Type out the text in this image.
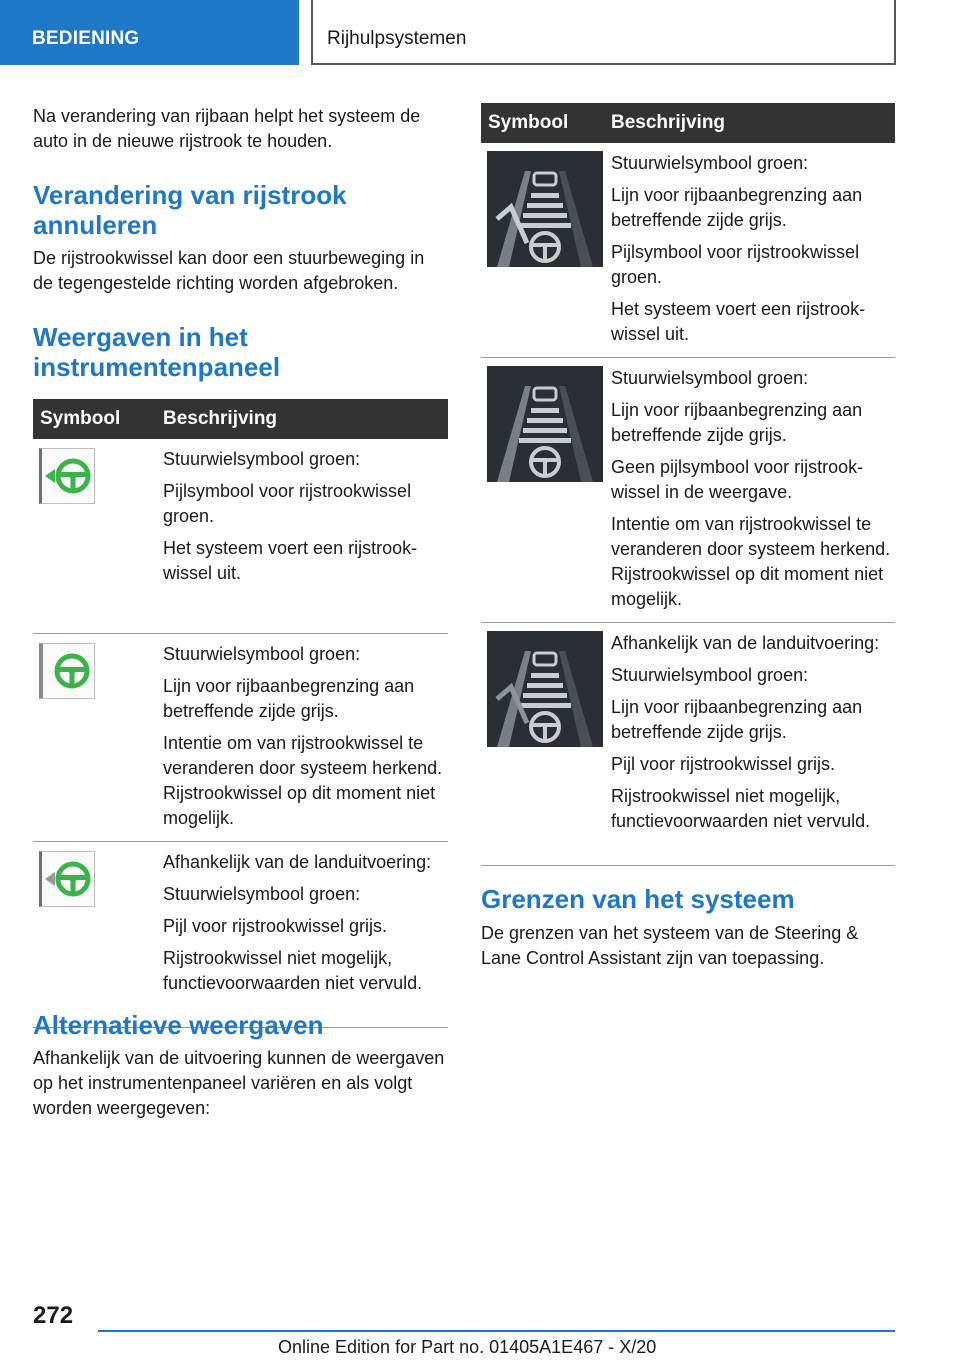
BEDIENING	Rijhulpsystemen

Na verandering van rijbaan helpt het systeem de auto in de nieuwe rijstrook te houden.

Verandering van rijstrook annuleren

De rijstrookwissel kan door een stuurbeweging in de tegengestelde richting worden afgebroken.

Weergaven in het instrumentenpaneel
Symbool	Beschrijving

Stuurwielsymbool groen:
Pijlsymbool voor rijstrookwissel groen.
Het systeem voert een rijstrookwissel uit.

Stuurwielsymbool groen:
Lijn voor rijbaanbegrenzing aan betreffende zijde grijs.
Intentie om van rijstrookwissel te veranderen door systeem herkend. Rijstrookwissel op dit moment niet mogelijk.

Afhankelijk van de landuitvoering:
Stuurwielsymbool groen:
Pijl voor rijstrookwissel grijs.
Rijstrookwissel niet mogelijk, functievoorwaarden niet vervuld.
Alternatieve weergaven

Afhankelijk van de uitvoering kunnen de weergaven op het instrumentenpaneel variëren en als volgt worden weergegeven:

Symbool	Beschrijving

Stuurwielsymbool groen:
Lijn voor rijbaanbegrenzing aan betreffende zijde grijs.
Pijlsymbool voor rijstrookwissel groen.
Het systeem voert een rijstrookwissel uit.

Stuurwielsymbool groen:
Lijn voor rijbaanbegrenzing aan betreffende zijde grijs.
Geen pijlsymbool voor rijstrookwissel in de weergave.
Intentie om van rijstrookwissel te veranderen door systeem herkend. Rijstrookwissel op dit moment niet mogelijk.

Afhankelijk van de landuitvoering:
Stuurwielsymbool groen:
Lijn voor rijbaanbegrenzing aan betreffende zijde grijs.
Pijl voor rijstrookwissel grijs.
Rijstrookwissel niet mogelijk, functievoorwaarden niet vervuld.
Grenzen van het systeem

De grenzen van het systeem van de Steering & Lane Control Assistant zijn van toepassing.

272
Online Edition for Part no. 01405A1E467 - X/20
